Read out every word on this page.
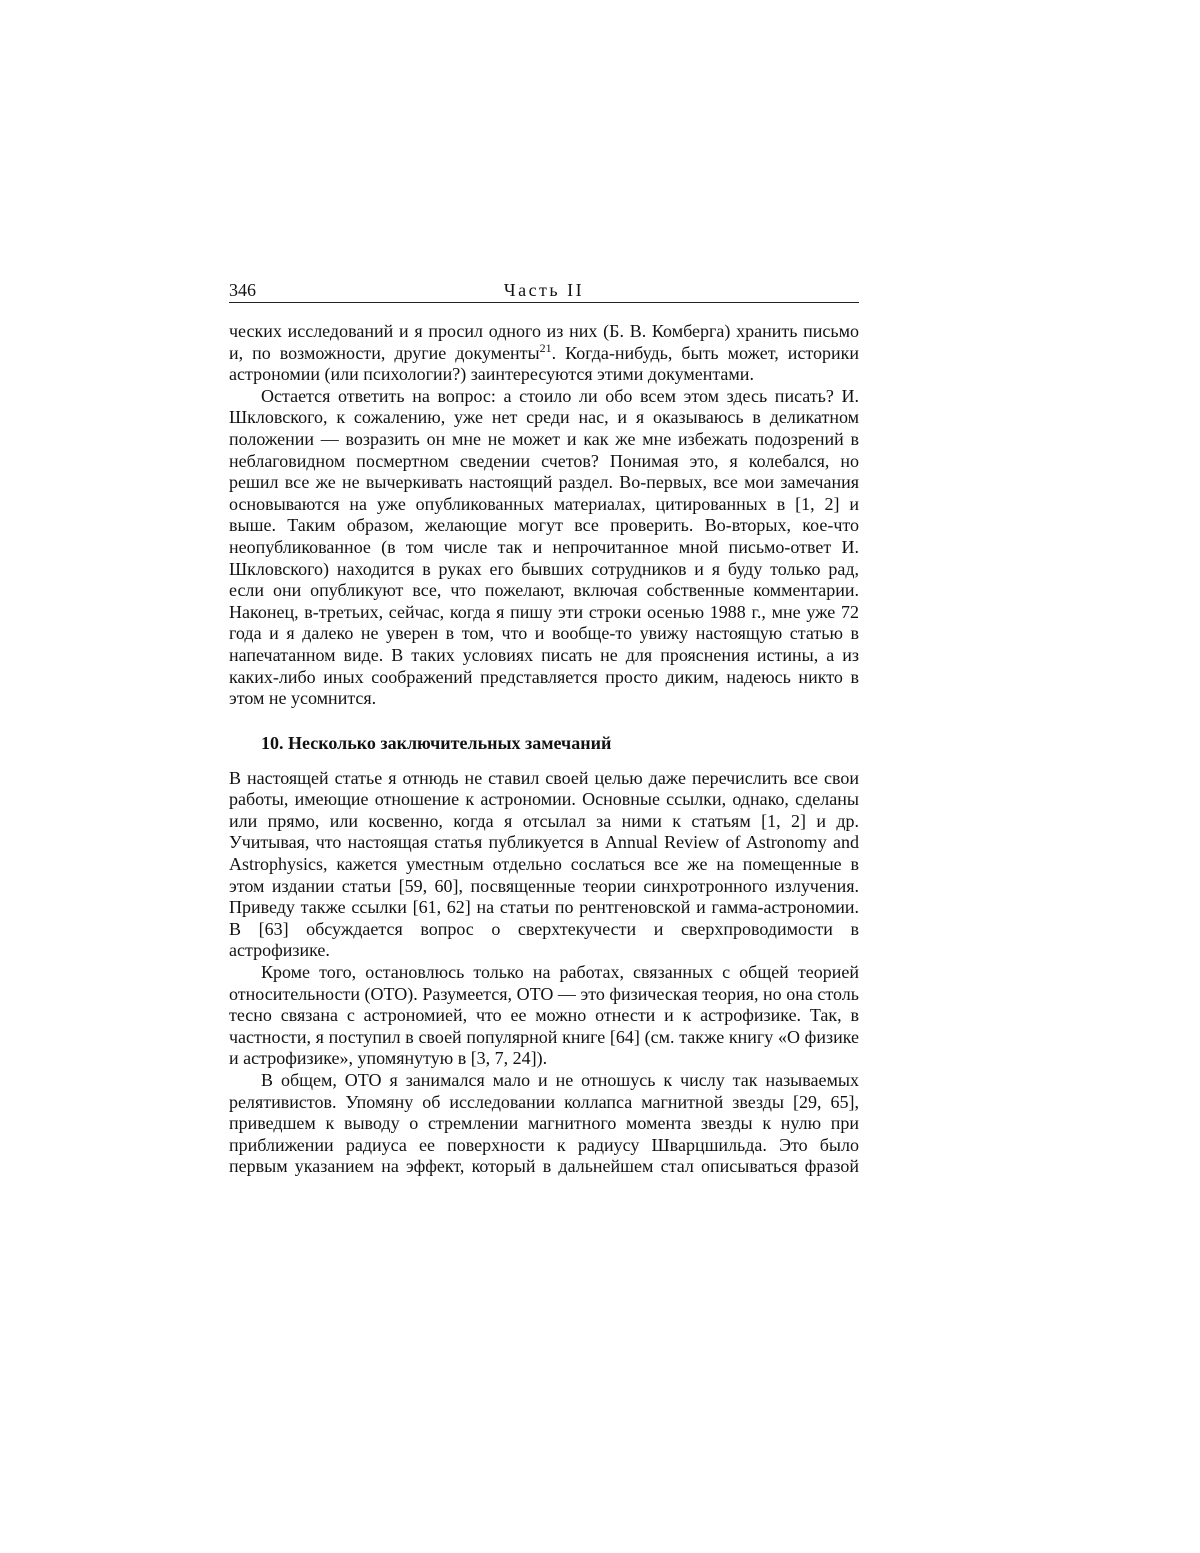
346	Часть II

ческих исследований и я просил одного из них (Б. В. Комберга) хранить письмо и, по возможности, другие документы$^{21}$. Когда-нибудь, быть может, историки астрономии (или психологии?) заинтересуются этими документами.

Остается ответить на вопрос: а стоило ли обо всем этом здесь писать? И. Шкловского, к сожалению, уже нет среди нас, и я оказываюсь в деликатном положении — возразить он мне не может и как же мне избежать подозрений в неблаговидном посмертном сведении счетов? Понимая это, я колебался, но решил все же не вычеркивать настоящий раздел. Во-первых, все мои замечания основываются на уже опубликованных материалах, цитированных в [1, 2] и выше. Таким образом, желающие могут все проверить. Во-вторых, кое-что неопубликованное (в том числе так и непрочитанное мной письмо-ответ И. Шкловского) находится в руках его бывших сотрудников и я буду только рад, если они опубликуют все, что пожелают, включая собственные комментарии. Наконец, в-третьих, сейчас, когда я пишу эти строки осенью 1988 г., мне уже 72 года и я далеко не уверен в том, что и вообще-то увижу настоящую статью в напечатанном виде. В таких условиях писать не для прояснения истины, а из каких-либо иных соображений представляется просто диким, надеюсь никто в этом не усомнится.

10. Несколько заключительных замечаний

В настоящей статье я отнюдь не ставил своей целью даже перечислить все свои работы, имеющие отношение к астрономии. Основные ссылки, однако, сделаны или прямо, или косвенно, когда я отсылал за ними к статьям [1, 2] и др. Учитывая, что настоящая статья публикуется в Annual Review of Astronomy and Astrophysics, кажется уместным отдельно сослаться все же на помещенные в этом издании статьи [59, 60], посвященные теории синхротронного излучения. Приведу также ссылки [61, 62] на статьи по рентгеновской и гамма-астрономии. В [63] обсуждается вопрос о сверхтекучести и сверхпроводимости в астрофизике.

Кроме того, остановлюсь только на работах, связанных с общей теорией относительности (ОТО). Разумеется, ОТО — это физическая теория, но она столь тесно связана с астрономией, что ее можно отнести и к астрофизике. Так, в частности, я поступил в своей популярной книге [64] (см. также книгу «О физике и астрофизике», упомянутую в [3, 7, 24]).

В общем, ОТО я занимался мало и не отношусь к числу так называемых релятивистов. Упомяну об исследовании коллапса магнитной звезды [29, 65], приведшем к выводу о стремлении магнитного момента звезды к нулю при приближении радиуса ее поверхности к радиусу Шварцшильда. Это было первым указанием на эффект, который в дальнейшем стал описываться фразой
